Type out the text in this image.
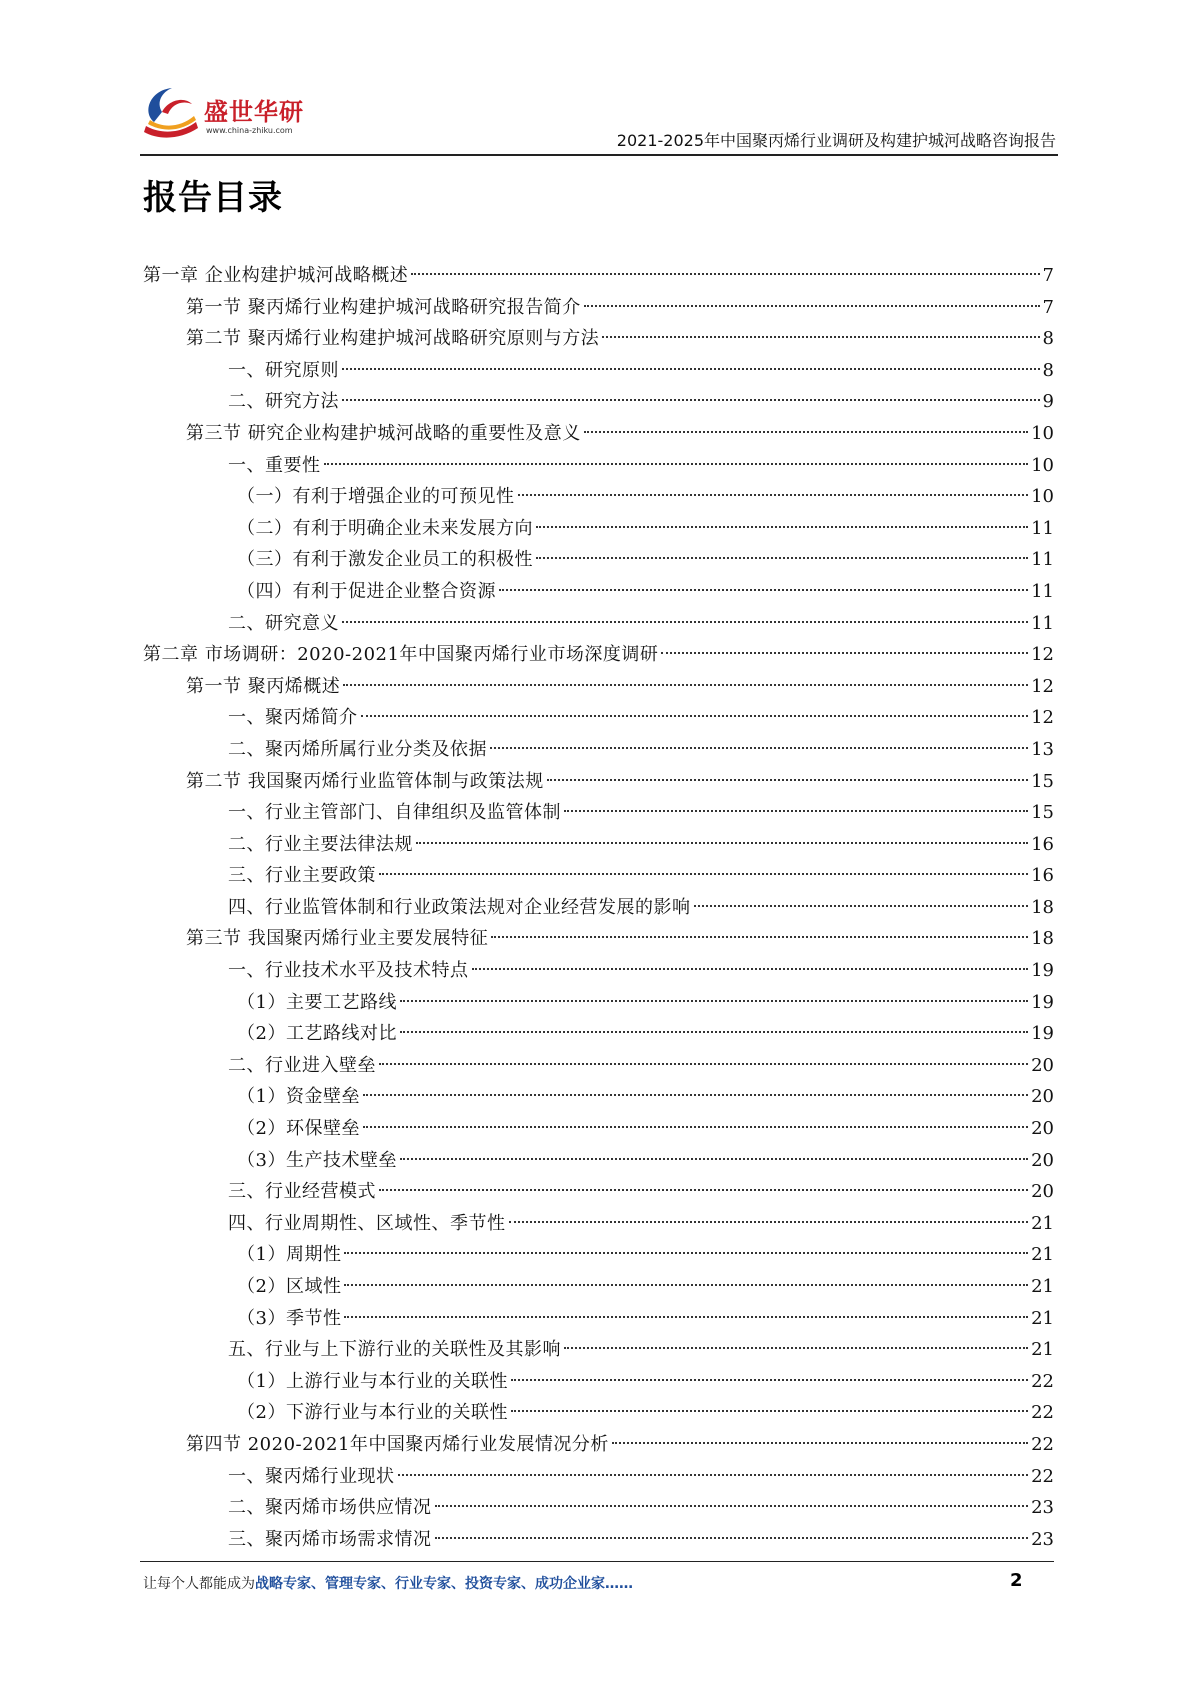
盛世华研
www.china-zhiku.com
2021-2025年中国聚丙烯行业调研及构建护城河战略咨询报告
报告目录
第一章 企业构建护城河战略概述	7
第一节 聚丙烯行业构建护城河战略研究报告简介	7
第二节 聚丙烯行业构建护城河战略研究原则与方法	8
一、研究原则	8
二、研究方法	9
第三节 研究企业构建护城河战略的重要性及意义	10
一、重要性	10
（一）有利于增强企业的可预见性	10
（二）有利于明确企业未来发展方向	11
（三）有利于激发企业员工的积极性	11
（四）有利于促进企业整合资源	11
二、研究意义	11
第二章 市场调研：2020-2021年中国聚丙烯行业市场深度调研	12
第一节 聚丙烯概述	12
一、聚丙烯简介	12
二、聚丙烯所属行业分类及依据	13
第二节 我国聚丙烯行业监管体制与政策法规	15
一、行业主管部门、自律组织及监管体制	15
二、行业主要法律法规	16
三、行业主要政策	16
四、行业监管体制和行业政策法规对企业经营发展的影响	18
第三节 我国聚丙烯行业主要发展特征	18
一、行业技术水平及技术特点	19
（1）主要工艺路线	19
（2）工艺路线对比	19
二、行业进入壁垒	20
（1）资金壁垒	20
（2）环保壁垒	20
（3）生产技术壁垒	20
三、行业经营模式	20
四、行业周期性、区域性、季节性	21
（1）周期性	21
（2）区域性	21
（3）季节性	21
五、行业与上下游行业的关联性及其影响	21
（1）上游行业与本行业的关联性	22
（2）下游行业与本行业的关联性	22
第四节 2020-2021年中国聚丙烯行业发展情况分析	22
一、聚丙烯行业现状	22
二、聚丙烯市场供应情况	23
三、聚丙烯市场需求情况	23
让每个人都能成为战略专家、管理专家、行业专家、投资专家、成功企业家……	2
